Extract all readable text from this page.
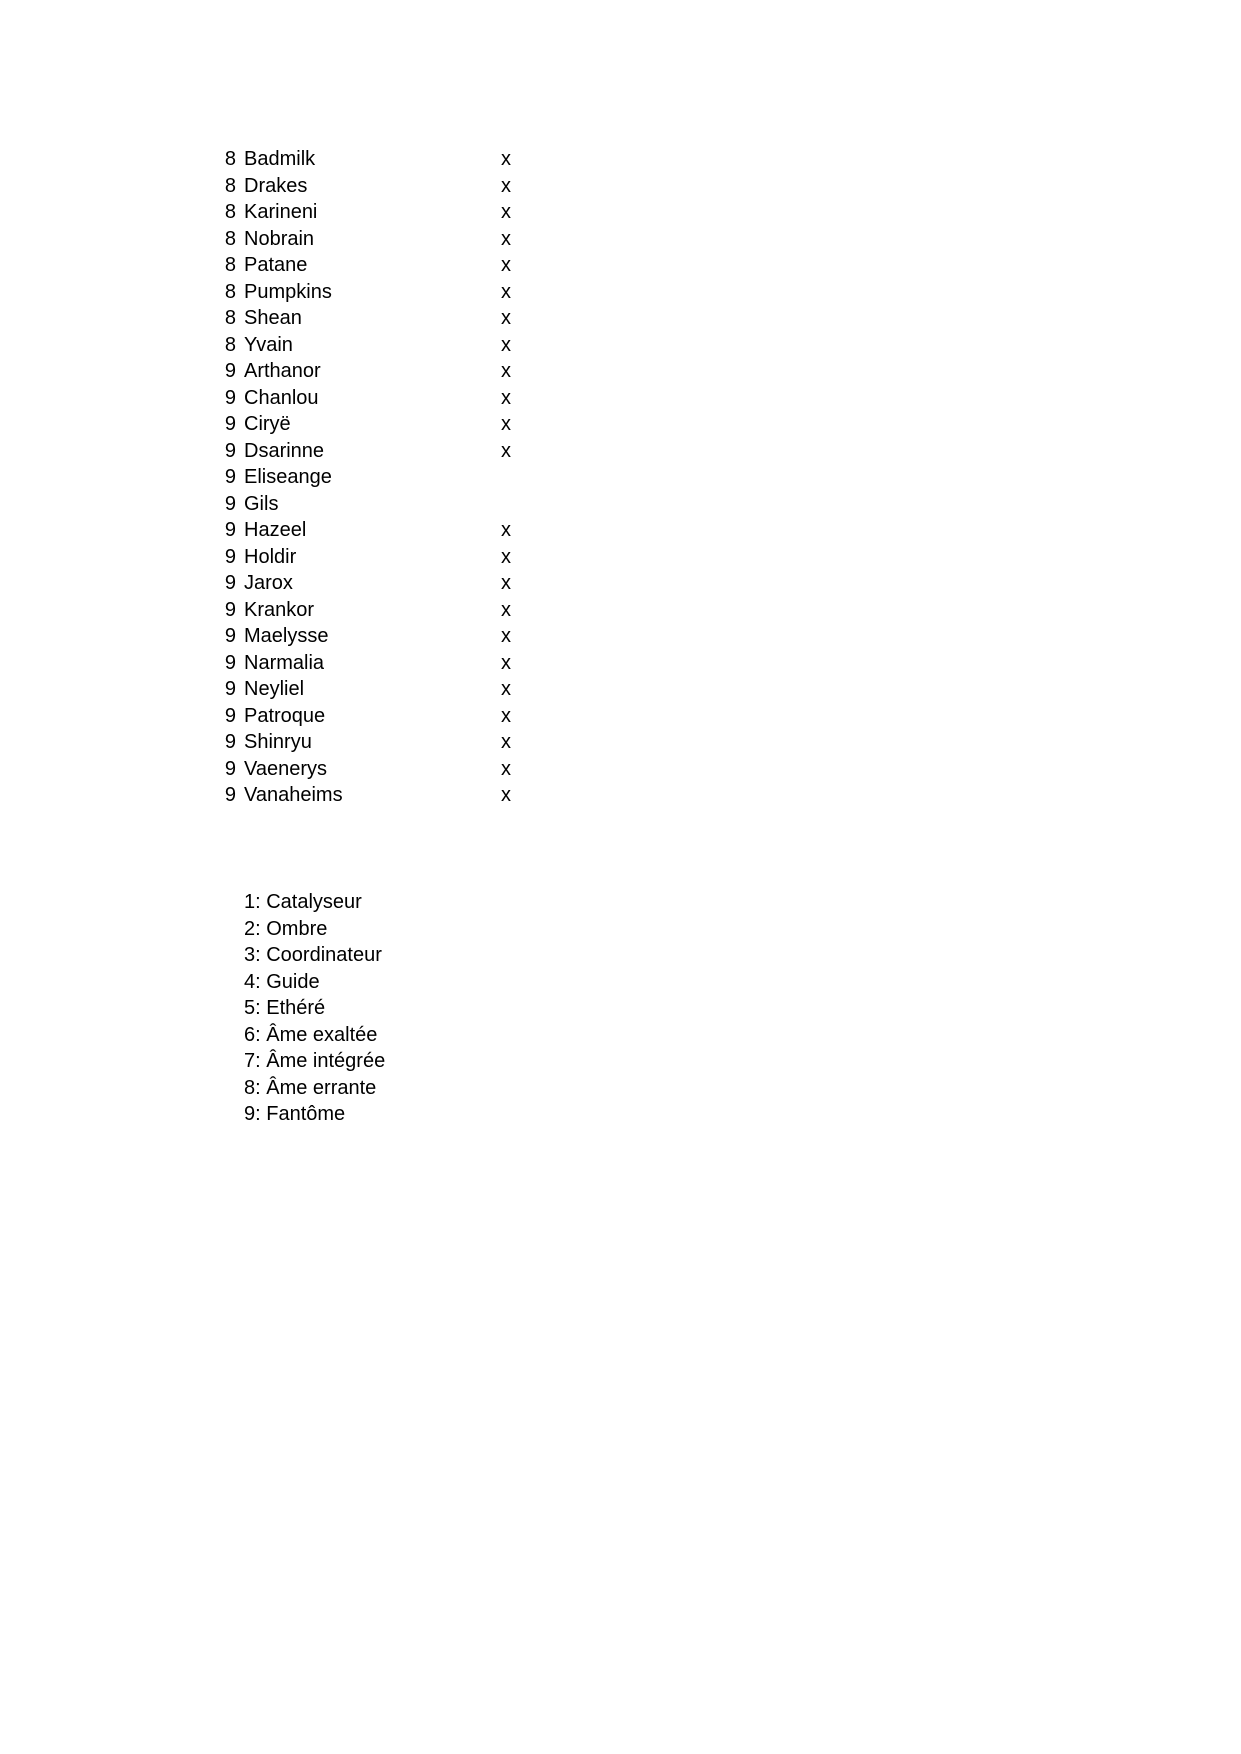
8 Badmilk	x
8 Drakes	x
8 Karineni	x
8 Nobrain	x
8 Patane	x
8 Pumpkins	x
8 Shean	x
8 Yvain	x
9 Arthanor	x
9 Chanlou	x
9 Ciryë	x
9 Dsarinne	x
9 Eliseange
9 Gils
9 Hazeel	x
9 Holdir	x
9 Jarox	x
9 Krankor	x
9 Maelysse	x
9 Narmalia	x
9 Neyliel	x
9 Patroque	x
9 Shinryu	x
9 Vaenerys	x
9 Vanaheims	x
1: Catalyseur
2: Ombre
3: Coordinateur
4: Guide
5: Ethéré
6: Âme exaltée
7: Âme intégrée
8: Âme errante
9: Fantôme
